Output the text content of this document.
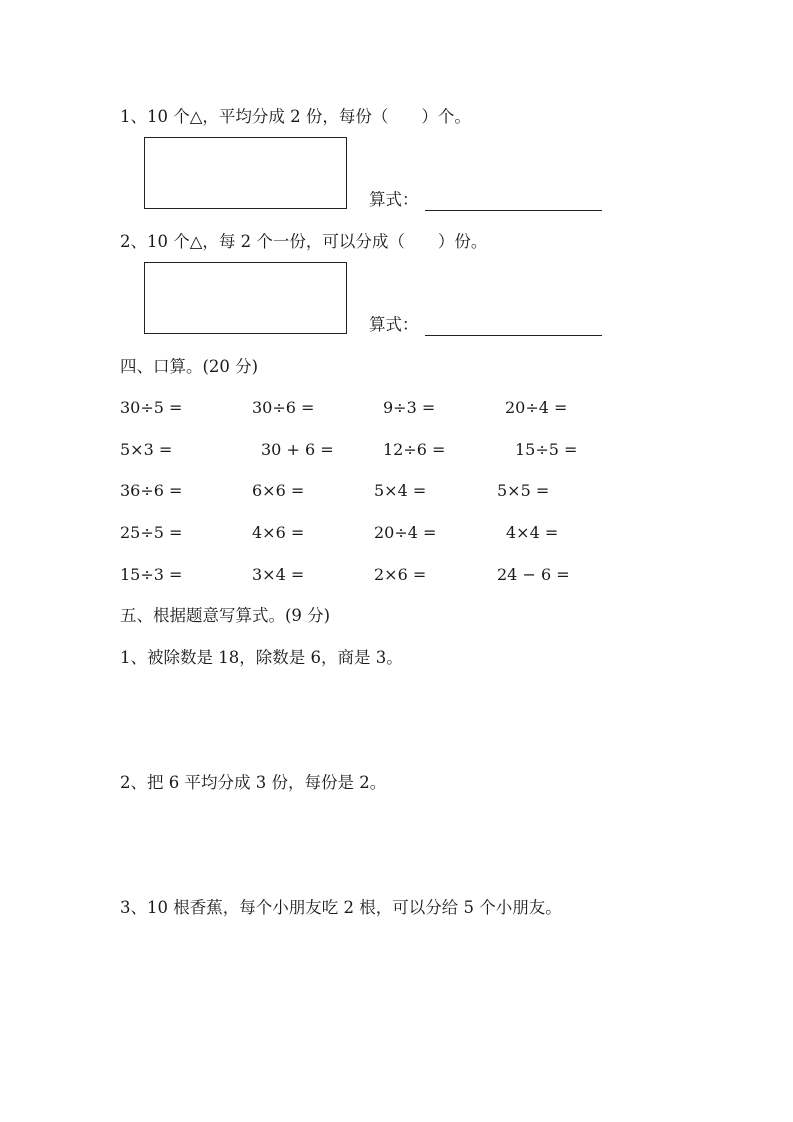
1、10 个△，平均分成 2 份，每份（　　）个。
算式：
2、10 个△，每 2 个一份，可以分成（　　）份。
算式：
四、口算。(20 分)
30÷5 =	30÷6 =	9÷3 =	20÷4 =
5×3 =	30 + 6 =	12÷6 =	15÷5 =
36÷6 =	6×6 =	5×4 =	5×5 =
25÷5 =	4×6 =	20÷4 =	4×4 =
15÷3 =	3×4 =	2×6 =	24 − 6 =
五、根据题意写算式。(9 分)
1、被除数是 18，除数是 6，商是 3。
2、把 6 平均分成 3 份，每份是 2。
3、10 根香蕉，每个小朋友吃 2 根，可以分给 5 个小朋友。
